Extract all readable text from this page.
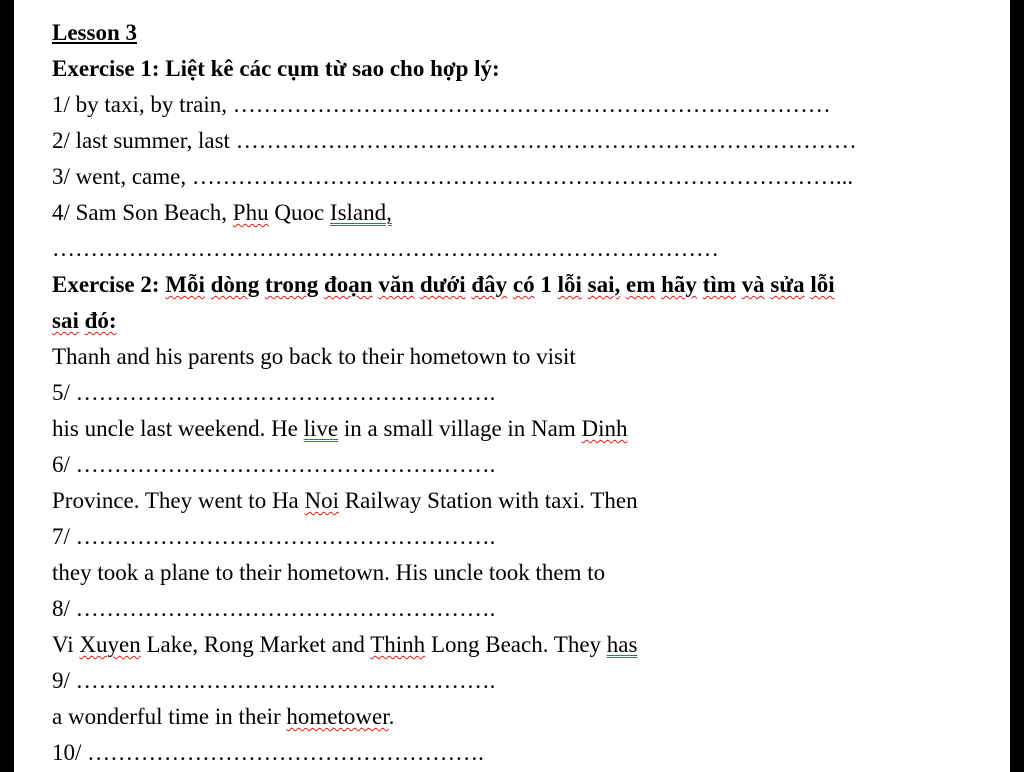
Lesson 3
Exercise 1: Liệt kê các cụm từ sao cho hợp lý:
1/ by taxi, by train, ……………………………………………………………………
2/ last summer, last ………………………………………………………………………
3/ went, came, …………………………………………………………………………...
4/ Sam Son Beach, Phu Quoc Island,
……………………………………………………………………………
Exercise 2: Mỗi dòng trong đoạn văn dưới đây có 1 lỗi sai, em hãy tìm và sửa lỗi
sai đó:
Thanh and his parents go back to their hometown to visit
5/ ……………………………………………….
his uncle last weekend. He live in a small village in Nam Dinh
6/ ……………………………………………….
Province. They went to Ha Noi Railway Station with taxi. Then
7/ ……………………………………………….
they took a plane to their hometown. His uncle took them to
8/ ……………………………………………….
Vi Xuyen Lake, Rong Market and Thinh Long Beach. They has
9/ ……………………………………………….
a wonderful time in their hometower.
10/ …………………………………………….
